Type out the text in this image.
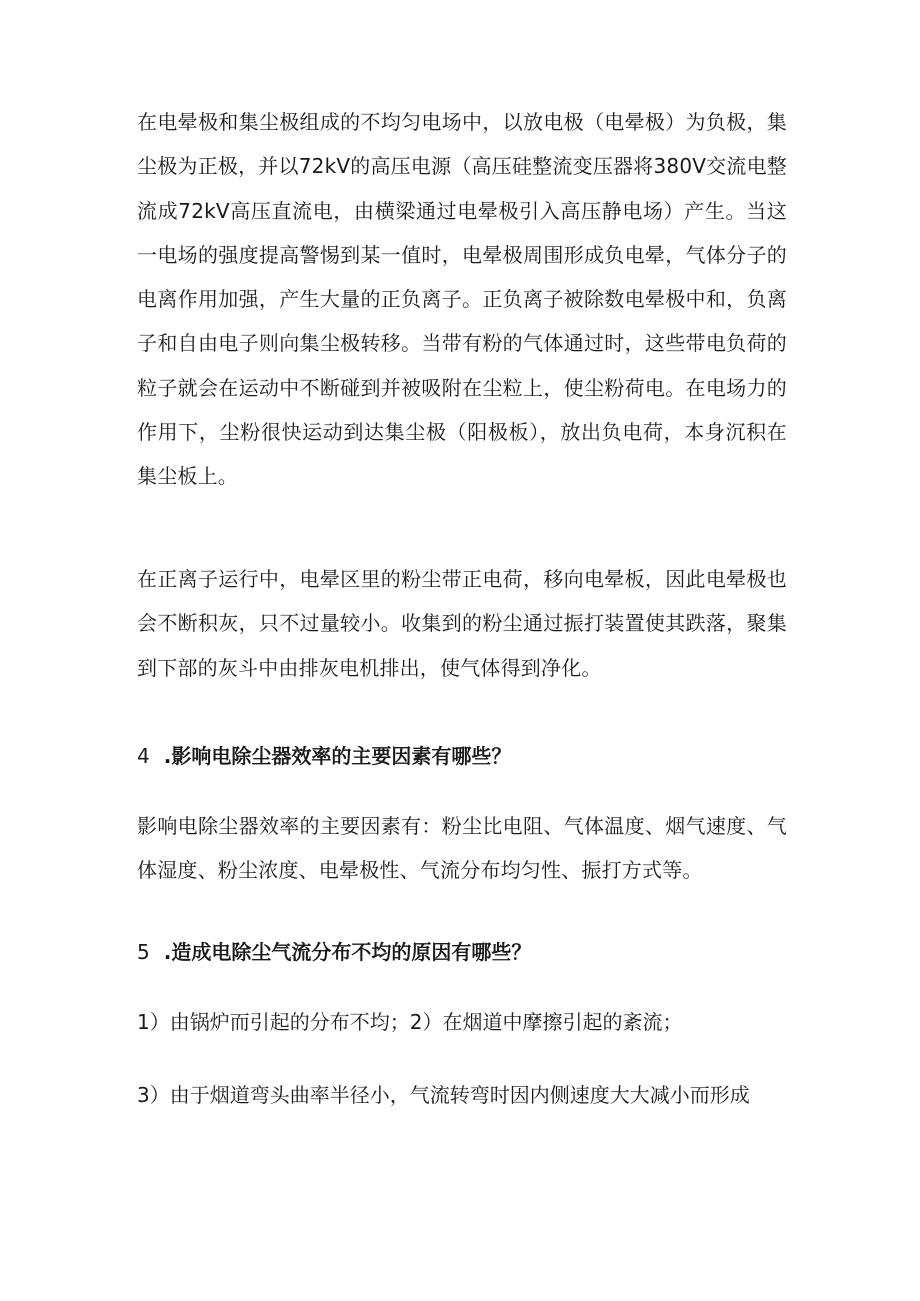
在电晕极和集尘极组成的不均匀电场中，以放电极（电晕极）为负极，集尘极为正极，并以72kV的高压电源（高压硅整流变压器将380V交流电整流成72kV高压直流电，由横梁通过电晕极引入高压静电场）产生。当这一电场的强度提高警惕到某一值时，电晕极周围形成负电晕，气体分子的电离作用加强，产生大量的正负离子。正负离子被除数电晕极中和，负离子和自由电子则向集尘极转移。当带有粉的气体通过时，这些带电负荷的粒子就会在运动中不断碰到并被吸附在尘粒上，使尘粉荷电。在电场力的作用下，尘粉很快运动到达集尘极（阳极板），放出负电荷，本身沉积在集尘板上。

在正离子运行中，电晕区里的粉尘带正电荷，移向电晕板，因此电晕极也会不断积灰，只不过量较小。收集到的粉尘通过振打装置使其跌落，聚集到下部的灰斗中由排灰电机排出，使气体得到净化。

4 .影响电除尘器效率的主要因素有哪些？

影响电除尘器效率的主要因素有：粉尘比电阻、气体温度、烟气速度、气体湿度、粉尘浓度、电晕极性、气流分布均匀性、振打方式等。

5 .造成电除尘气流分布不均的原因有哪些？

1）由锅炉而引起的分布不均；2）在烟道中摩擦引起的紊流；

3）由于烟道弯头曲率半径小，气流转弯时因内侧速度大大减小而形成
